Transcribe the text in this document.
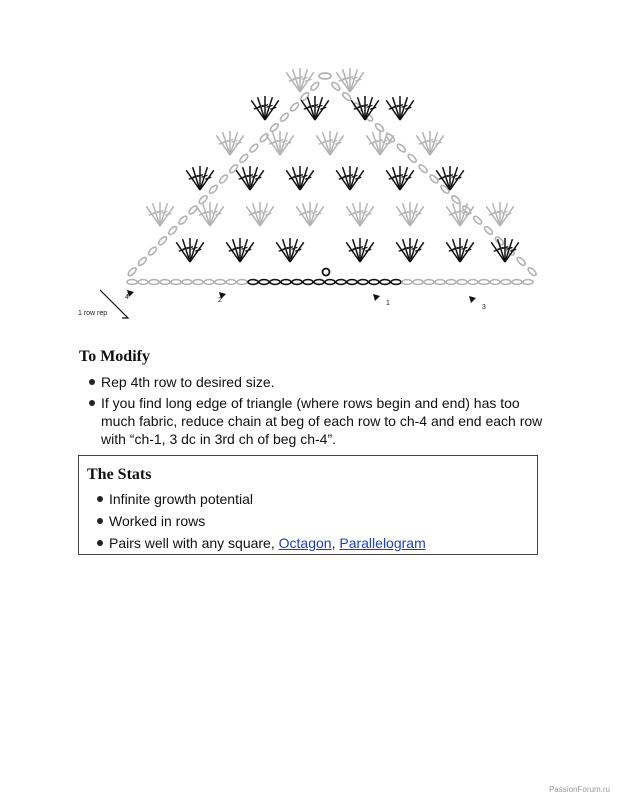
4	2	1
3
1 row rep
To Modify
Rep 4th row to desired size.
If you find long edge of triangle (where rows begin and end) has too much fabric, reduce chain at beg of each row to ch-4 and end each row with “ch-1, 3 dc in 3rd ch of beg ch-4”.
The Stats
Infinite growth potential
Worked in rows
Pairs well with any square, Octagon, Parallelogram
PassionForum.ru
